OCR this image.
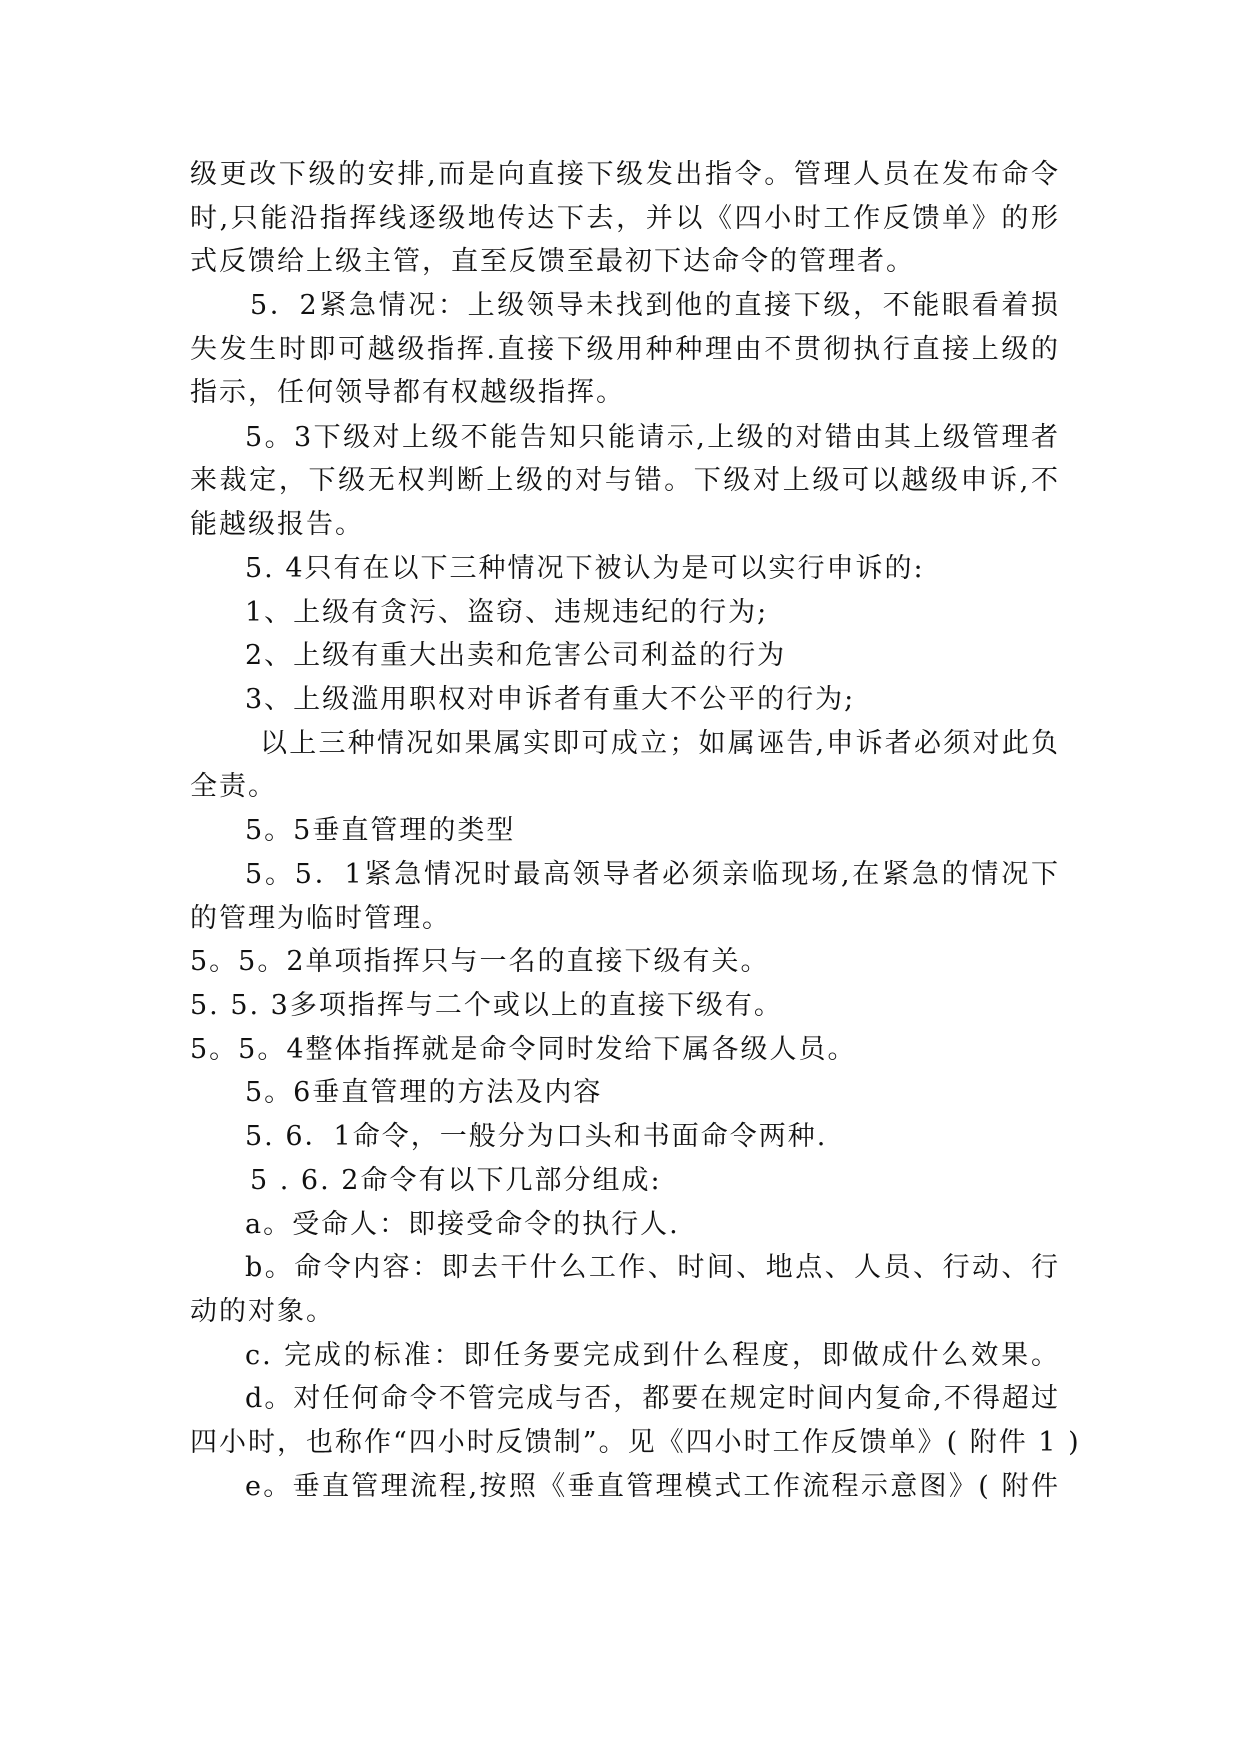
级更改下级的安排,而是向直接下级发出指令。管理人员在发布命令
时,只能沿指挥线逐级地传达下去，并以《四小时工作反馈单》的形
式反馈给上级主管，直至反馈至最初下达命令的管理者。
5．2紧急情况：上级领导未找到他的直接下级，不能眼看着损
失发生时即可越级指挥.直接下级用种种理由不贯彻执行直接上级的
指示，任何领导都有权越级指挥。
5。3下级对上级不能告知只能请示,上级的对错由其上级管理者
来裁定，下级无权判断上级的对与错。下级对上级可以越级申诉,不
能越级报告。
5. 4只有在以下三种情况下被认为是可以实行申诉的:
1、上级有贪污、盗窃、违规违纪的行为;
2、上级有重大出卖和危害公司利益的行为
3、上级滥用职权对申诉者有重大不公平的行为;
以上三种情况如果属实即可成立；如属诬告,申诉者必须对此负
全责。
5。5垂直管理的类型
5。5．1紧急情况时最高领导者必须亲临现场,在紧急的情况下
的管理为临时管理。
5。5。2单项指挥只与一名的直接下级有关。
5. 5. 3多项指挥与二个或以上的直接下级有。
5。5。4整体指挥就是命令同时发给下属各级人员。
5。6垂直管理的方法及内容
5. 6．1命令，一般分为口头和书面命令两种.
5 . 6. 2命令有以下几部分组成:
a。受命人：即接受命令的执行人.
b。命令内容：即去干什么工作、时间、地点、人员、行动、行
动的对象。
c. 完成的标准：即任务要完成到什么程度，即做成什么效果。
d。对任何命令不管完成与否，都要在规定时间内复命,不得超过
四小时，也称作“四小时反馈制”。见《四小时工作反馈单》( 附件 1 )
e。垂直管理流程,按照《垂直管理模式工作流程示意图》( 附件
